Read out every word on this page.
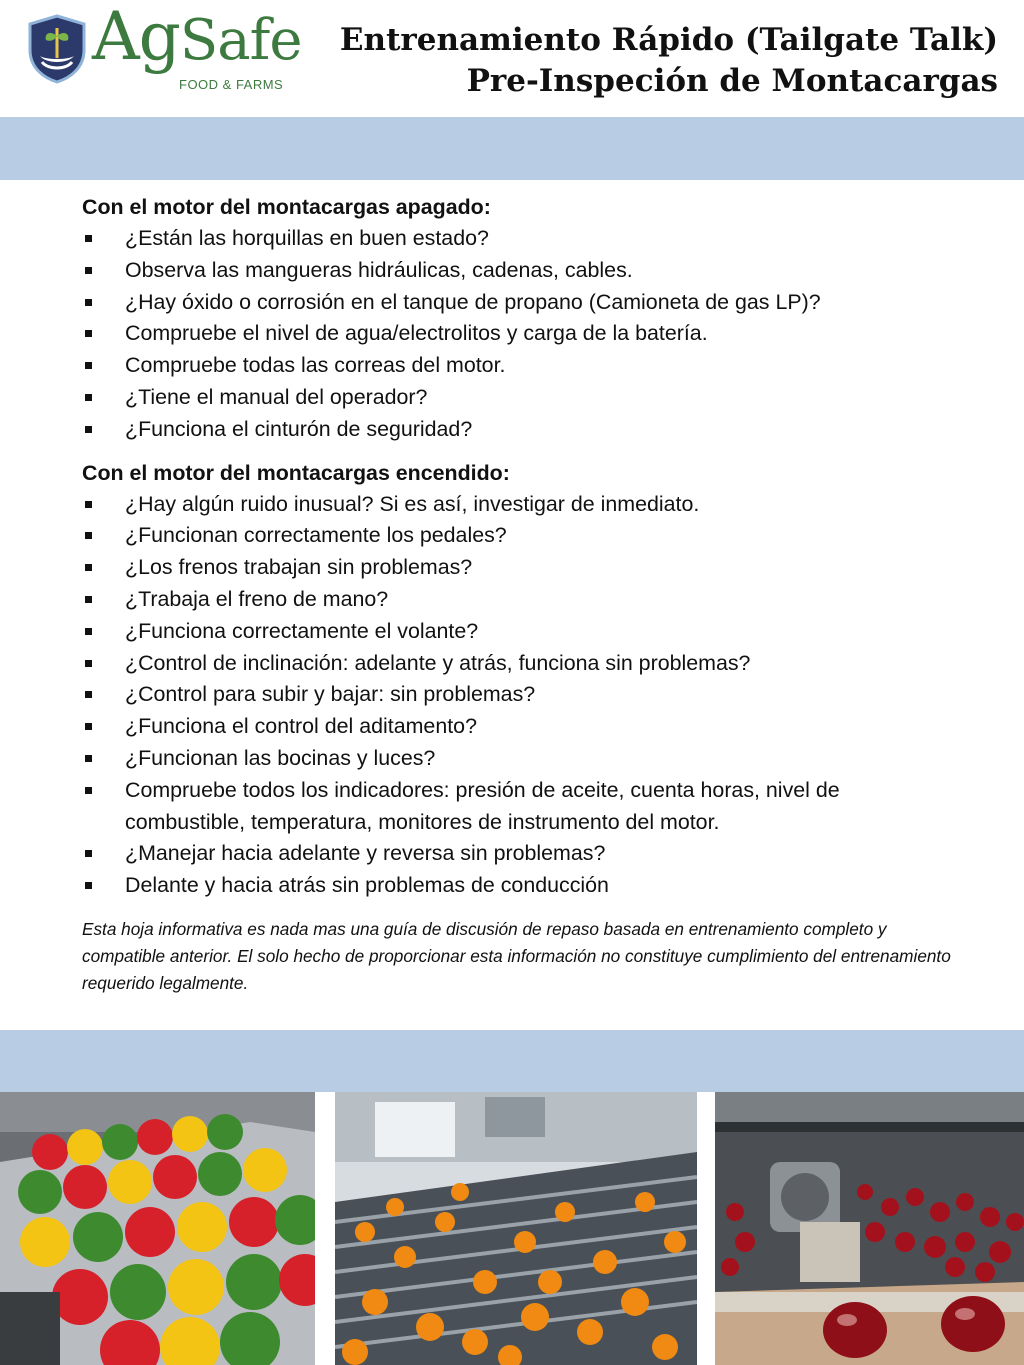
AgSafe
FOOD & FARMS
Entrenamiento Rápido (Tailgate Talk)
Pre-Inspeción de Montacargas
Con el motor del montacargas apagado:
¿Están las horquillas en buen estado?
Observa las mangueras hidráulicas, cadenas, cables.
¿Hay óxido o corrosión en el tanque de propano (Camioneta de gas LP)?
Compruebe el nivel de agua/electrolitos y carga de la batería.
Compruebe todas las correas del motor.
¿Tiene el manual del operador?
¿Funciona el cinturón de seguridad?
Con el motor del montacargas encendido:
¿Hay algún ruido inusual? Si es así, investigar de inmediato.
¿Funcionan correctamente los pedales?
¿Los frenos trabajan sin problemas?
¿Trabaja el freno de mano?
¿Funciona correctamente el volante?
¿Control de inclinación: adelante y atrás, funciona sin problemas?
¿Control para subir y bajar: sin problemas?
¿Funciona el control del aditamento?
¿Funcionan las bocinas y luces?
Compruebe todos los indicadores: presión de aceite, cuenta horas, nivel de combustible, temperatura, monitores de instrumento del motor.
¿Manejar hacia adelante y reversa sin problemas?
Delante y hacia atrás sin problemas de conducción
Esta hoja informativa es nada mas una guía de discusión de repaso basada en entrenamiento completo y compatible anterior. El solo hecho de proporcionar esta información no constituye cumplimiento del entrenamiento requerido legalmente.
